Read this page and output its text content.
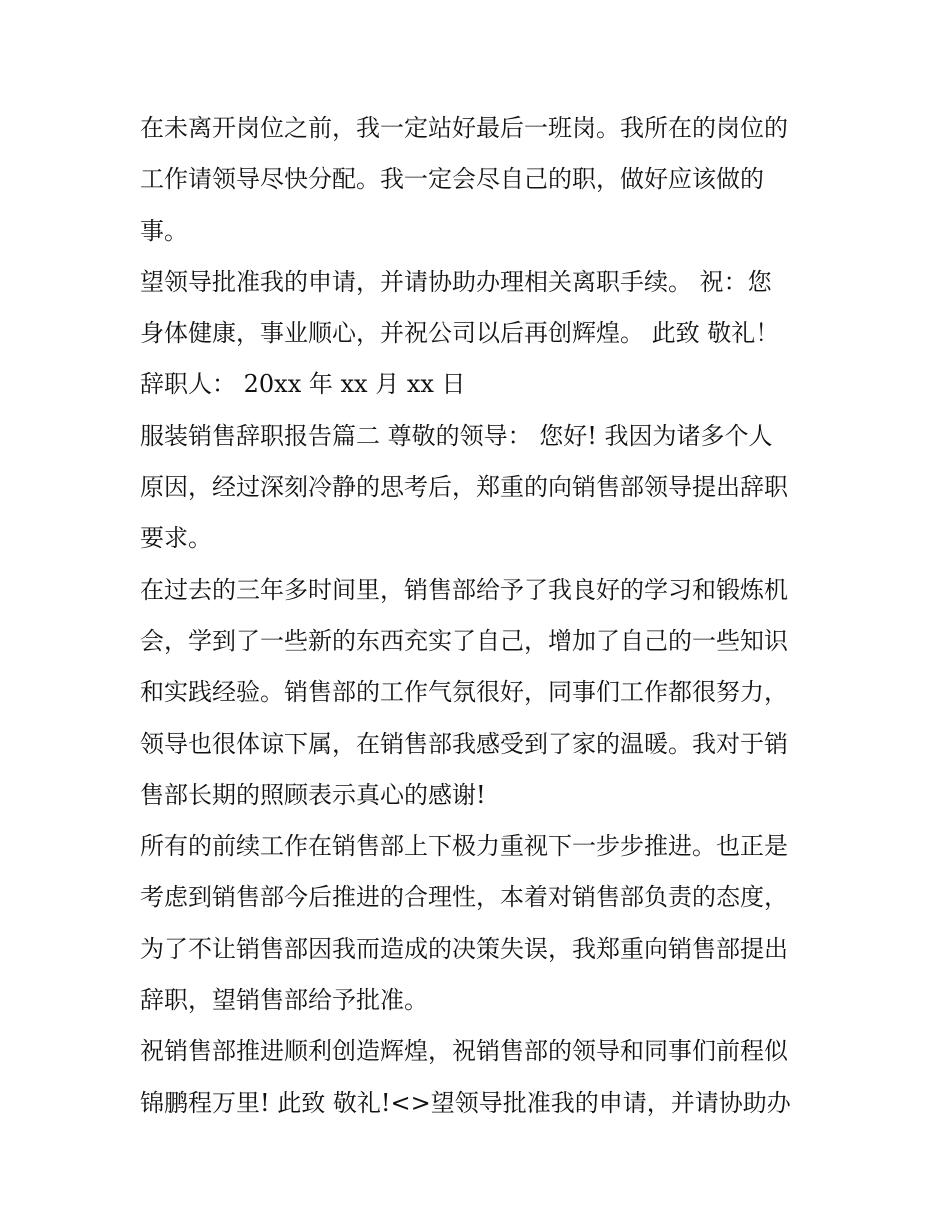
在未离开岗位之前，我一定站好最后一班岗。我所在的岗位的
工作请领导尽快分配。我一定会尽自己的职，做好应该做的
事。
望领导批准我的申请，并请协助办理相关离职手续。 祝：您
身体健康，事业顺心，并祝公司以后再创辉煌。 此致 敬礼！
辞职人： 20xx 年 xx 月 xx 日
服装销售辞职报告篇二 尊敬的领导： 您好! 我因为诸多个人
原因，经过深刻冷静的思考后，郑重的向销售部领导提出辞职
要求。
在过去的三年多时间里，销售部给予了我良好的学习和锻炼机
会，学到了一些新的东西充实了自己，增加了自己的一些知识
和实践经验。销售部的工作气氛很好，同事们工作都很努力，
领导也很体谅下属，在销售部我感受到了家的温暖。我对于销
售部长期的照顾表示真心的感谢!
所有的前续工作在销售部上下极力重视下一步步推进。也正是
考虑到销售部今后推进的合理性，本着对销售部负责的态度，
为了不让销售部因我而造成的决策失误，我郑重向销售部提出
辞职，望销售部给予批准。
祝销售部推进顺利创造辉煌，祝销售部的领导和同事们前程似
锦鹏程万里! 此致 敬礼!<>望领导批准我的申请，并请协助办
